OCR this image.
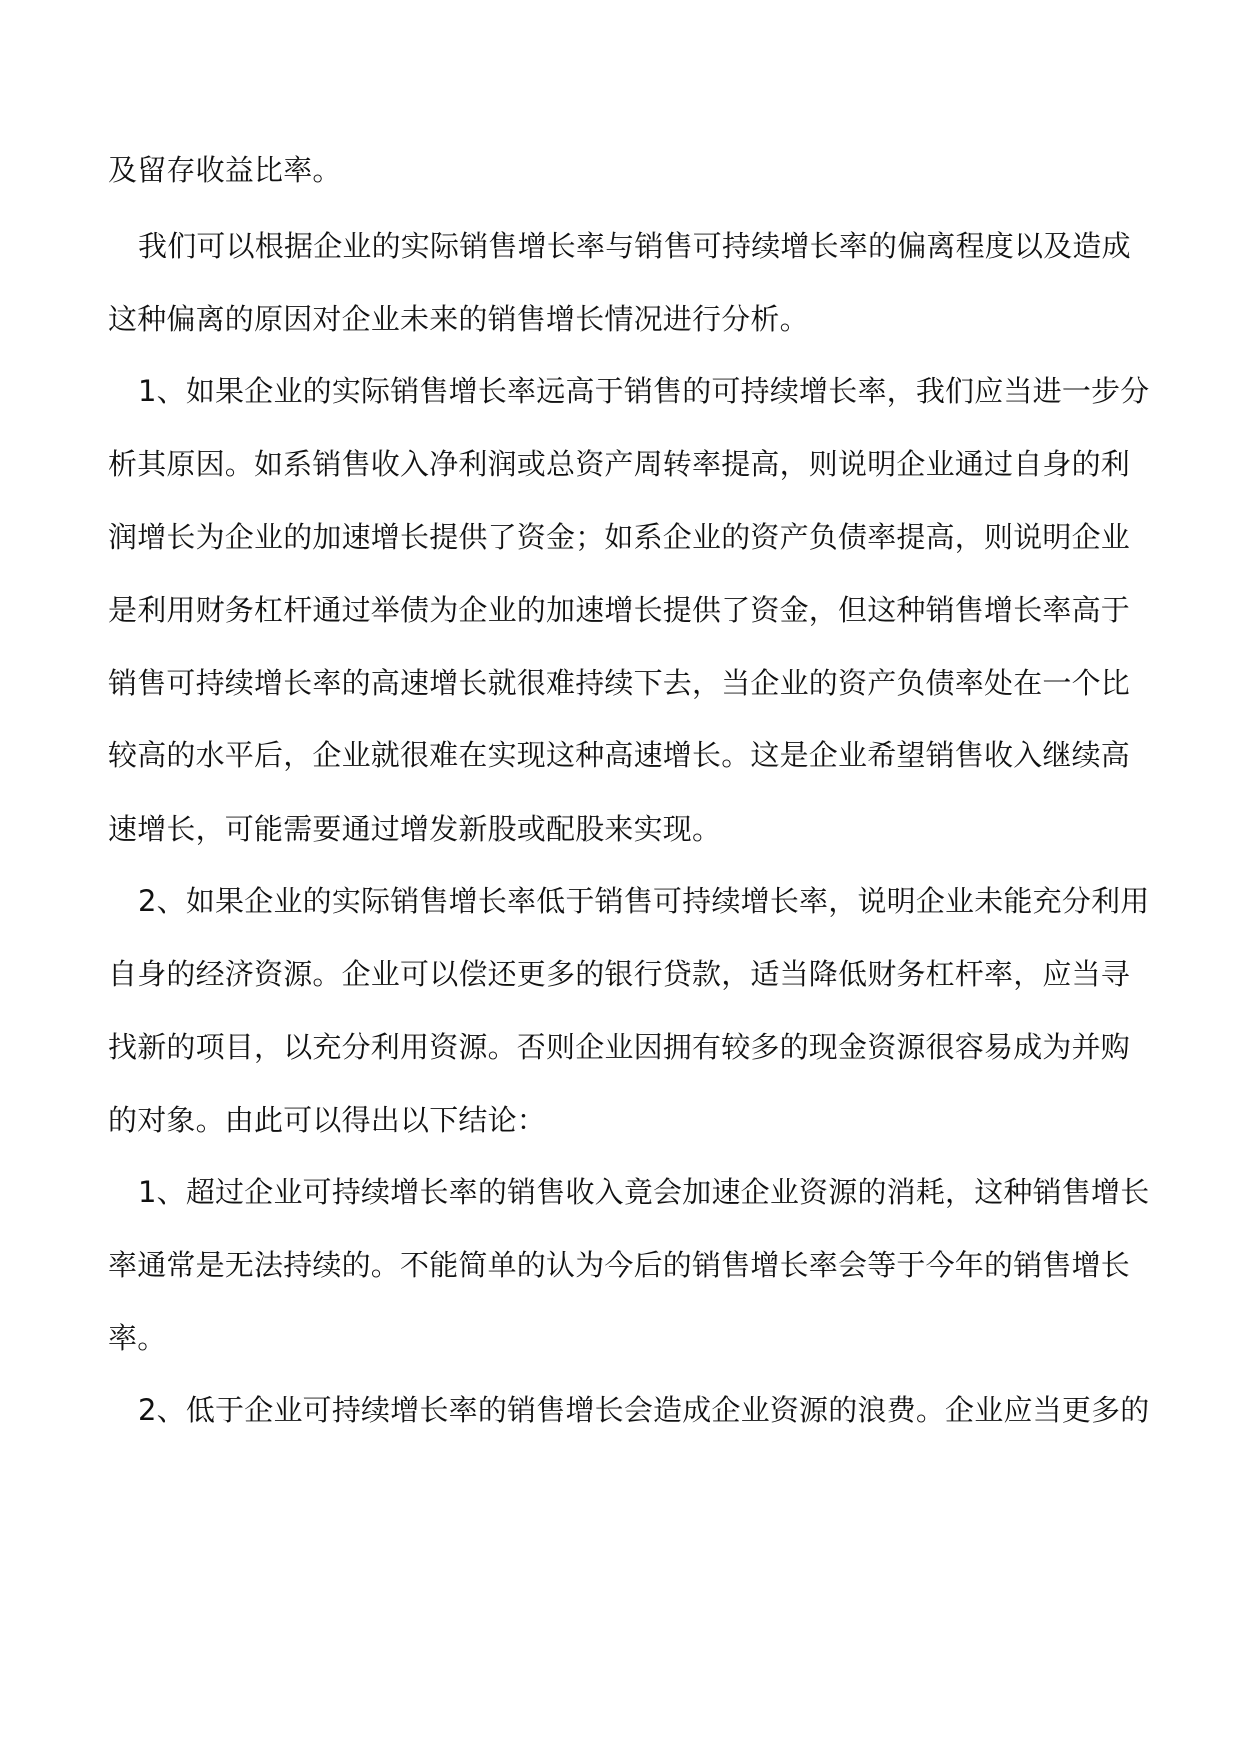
及留存收益比率。
我们可以根据企业的实际销售增长率与销售可持续增长率的偏离程度以及造成
这种偏离的原因对企业未来的销售增长情况进行分析。
1、如果企业的实际销售增长率远高于销售的可持续增长率，我们应当进一步分
析其原因。如系销售收入净利润或总资产周转率提高，则说明企业通过自身的利
润增长为企业的加速增长提供了资金；如系企业的资产负债率提高，则说明企业
是利用财务杠杆通过举债为企业的加速增长提供了资金，但这种销售增长率高于
销售可持续增长率的高速增长就很难持续下去，当企业的资产负债率处在一个比
较高的水平后，企业就很难在实现这种高速增长。这是企业希望销售收入继续高
速增长，可能需要通过增发新股或配股来实现。
2、如果企业的实际销售增长率低于销售可持续增长率，说明企业未能充分利用
自身的经济资源。企业可以偿还更多的银行贷款，适当降低财务杠杆率，应当寻
找新的项目，以充分利用资源。否则企业因拥有较多的现金资源很容易成为并购
的对象。由此可以得出以下结论：
1、超过企业可持续增长率的销售收入竟会加速企业资源的消耗，这种销售增长
率通常是无法持续的。不能简单的认为今后的销售增长率会等于今年的销售增长
率。
2、低于企业可持续增长率的销售增长会造成企业资源的浪费。企业应当更多的
